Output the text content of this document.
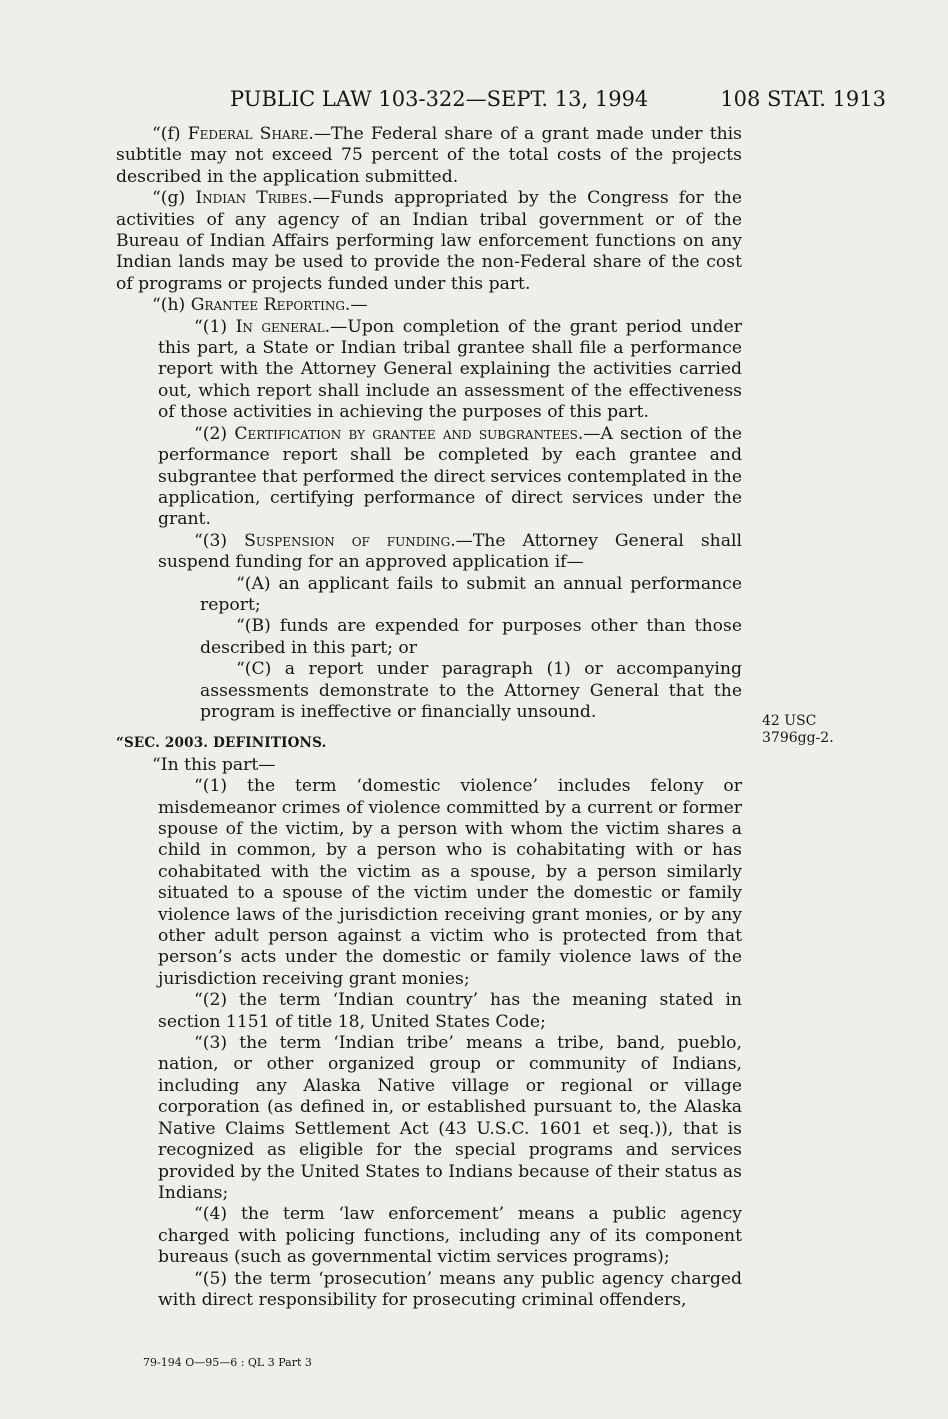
PUBLIC LAW 103-322—SEPT. 13, 1994	108 STAT. 1913

“(f) Federal Share.—The Federal share of a grant made under this subtitle may not exceed 75 percent of the total costs of the projects described in the application submitted.

“(g) Indian Tribes.—Funds appropriated by the Congress for the activities of any agency of an Indian tribal government or of the Bureau of Indian Affairs performing law enforcement functions on any Indian lands may be used to provide the non-Federal share of the cost of programs or projects funded under this part.

“(h) Grantee Reporting.—

“(1) In general.—Upon completion of the grant period under this part, a State or Indian tribal grantee shall file a performance report with the Attorney General explaining the activities carried out, which report shall include an assessment of the effectiveness of those activities in achieving the purposes of this part.

“(2) Certification by grantee and subgrantees.—A section of the performance report shall be completed by each grantee and subgrantee that performed the direct services contemplated in the application, certifying performance of direct services under the grant.

“(3) Suspension of funding.—The Attorney General shall suspend funding for an approved application if—

“(A) an applicant fails to submit an annual performance report;

“(B) funds are expended for purposes other than those described in this part; or

“(C) a report under paragraph (1) or accompanying assessments demonstrate to the Attorney General that the program is ineffective or financially unsound.

“SEC. 2003. DEFINITIONS.

“In this part—

“(1) the term ‘domestic violence’ includes felony or misdemeanor crimes of violence committed by a current or former spouse of the victim, by a person with whom the victim shares a child in common, by a person who is cohabitating with or has cohabitated with the victim as a spouse, by a person similarly situated to a spouse of the victim under the domestic or family violence laws of the jurisdiction receiving grant monies, or by any other adult person against a victim who is protected from that person’s acts under the domestic or family violence laws of the jurisdiction receiving grant monies;

“(2) the term ‘Indian country’ has the meaning stated in section 1151 of title 18, United States Code;

“(3) the term ‘Indian tribe’ means a tribe, band, pueblo, nation, or other organized group or community of Indians, including any Alaska Native village or regional or village corporation (as defined in, or established pursuant to, the Alaska Native Claims Settlement Act (43 U.S.C. 1601 et seq.)), that is recognized as eligible for the special programs and services provided by the United States to Indians because of their status as Indians;

“(4) the term ‘law enforcement’ means a public agency charged with policing functions, including any of its component bureaus (such as governmental victim services programs);

“(5) the term ‘prosecution’ means any public agency charged with direct responsibility for prosecuting criminal offenders,

42 USC
3796gg-2.
79-194 O—95—6 : QL 3 Part 3
